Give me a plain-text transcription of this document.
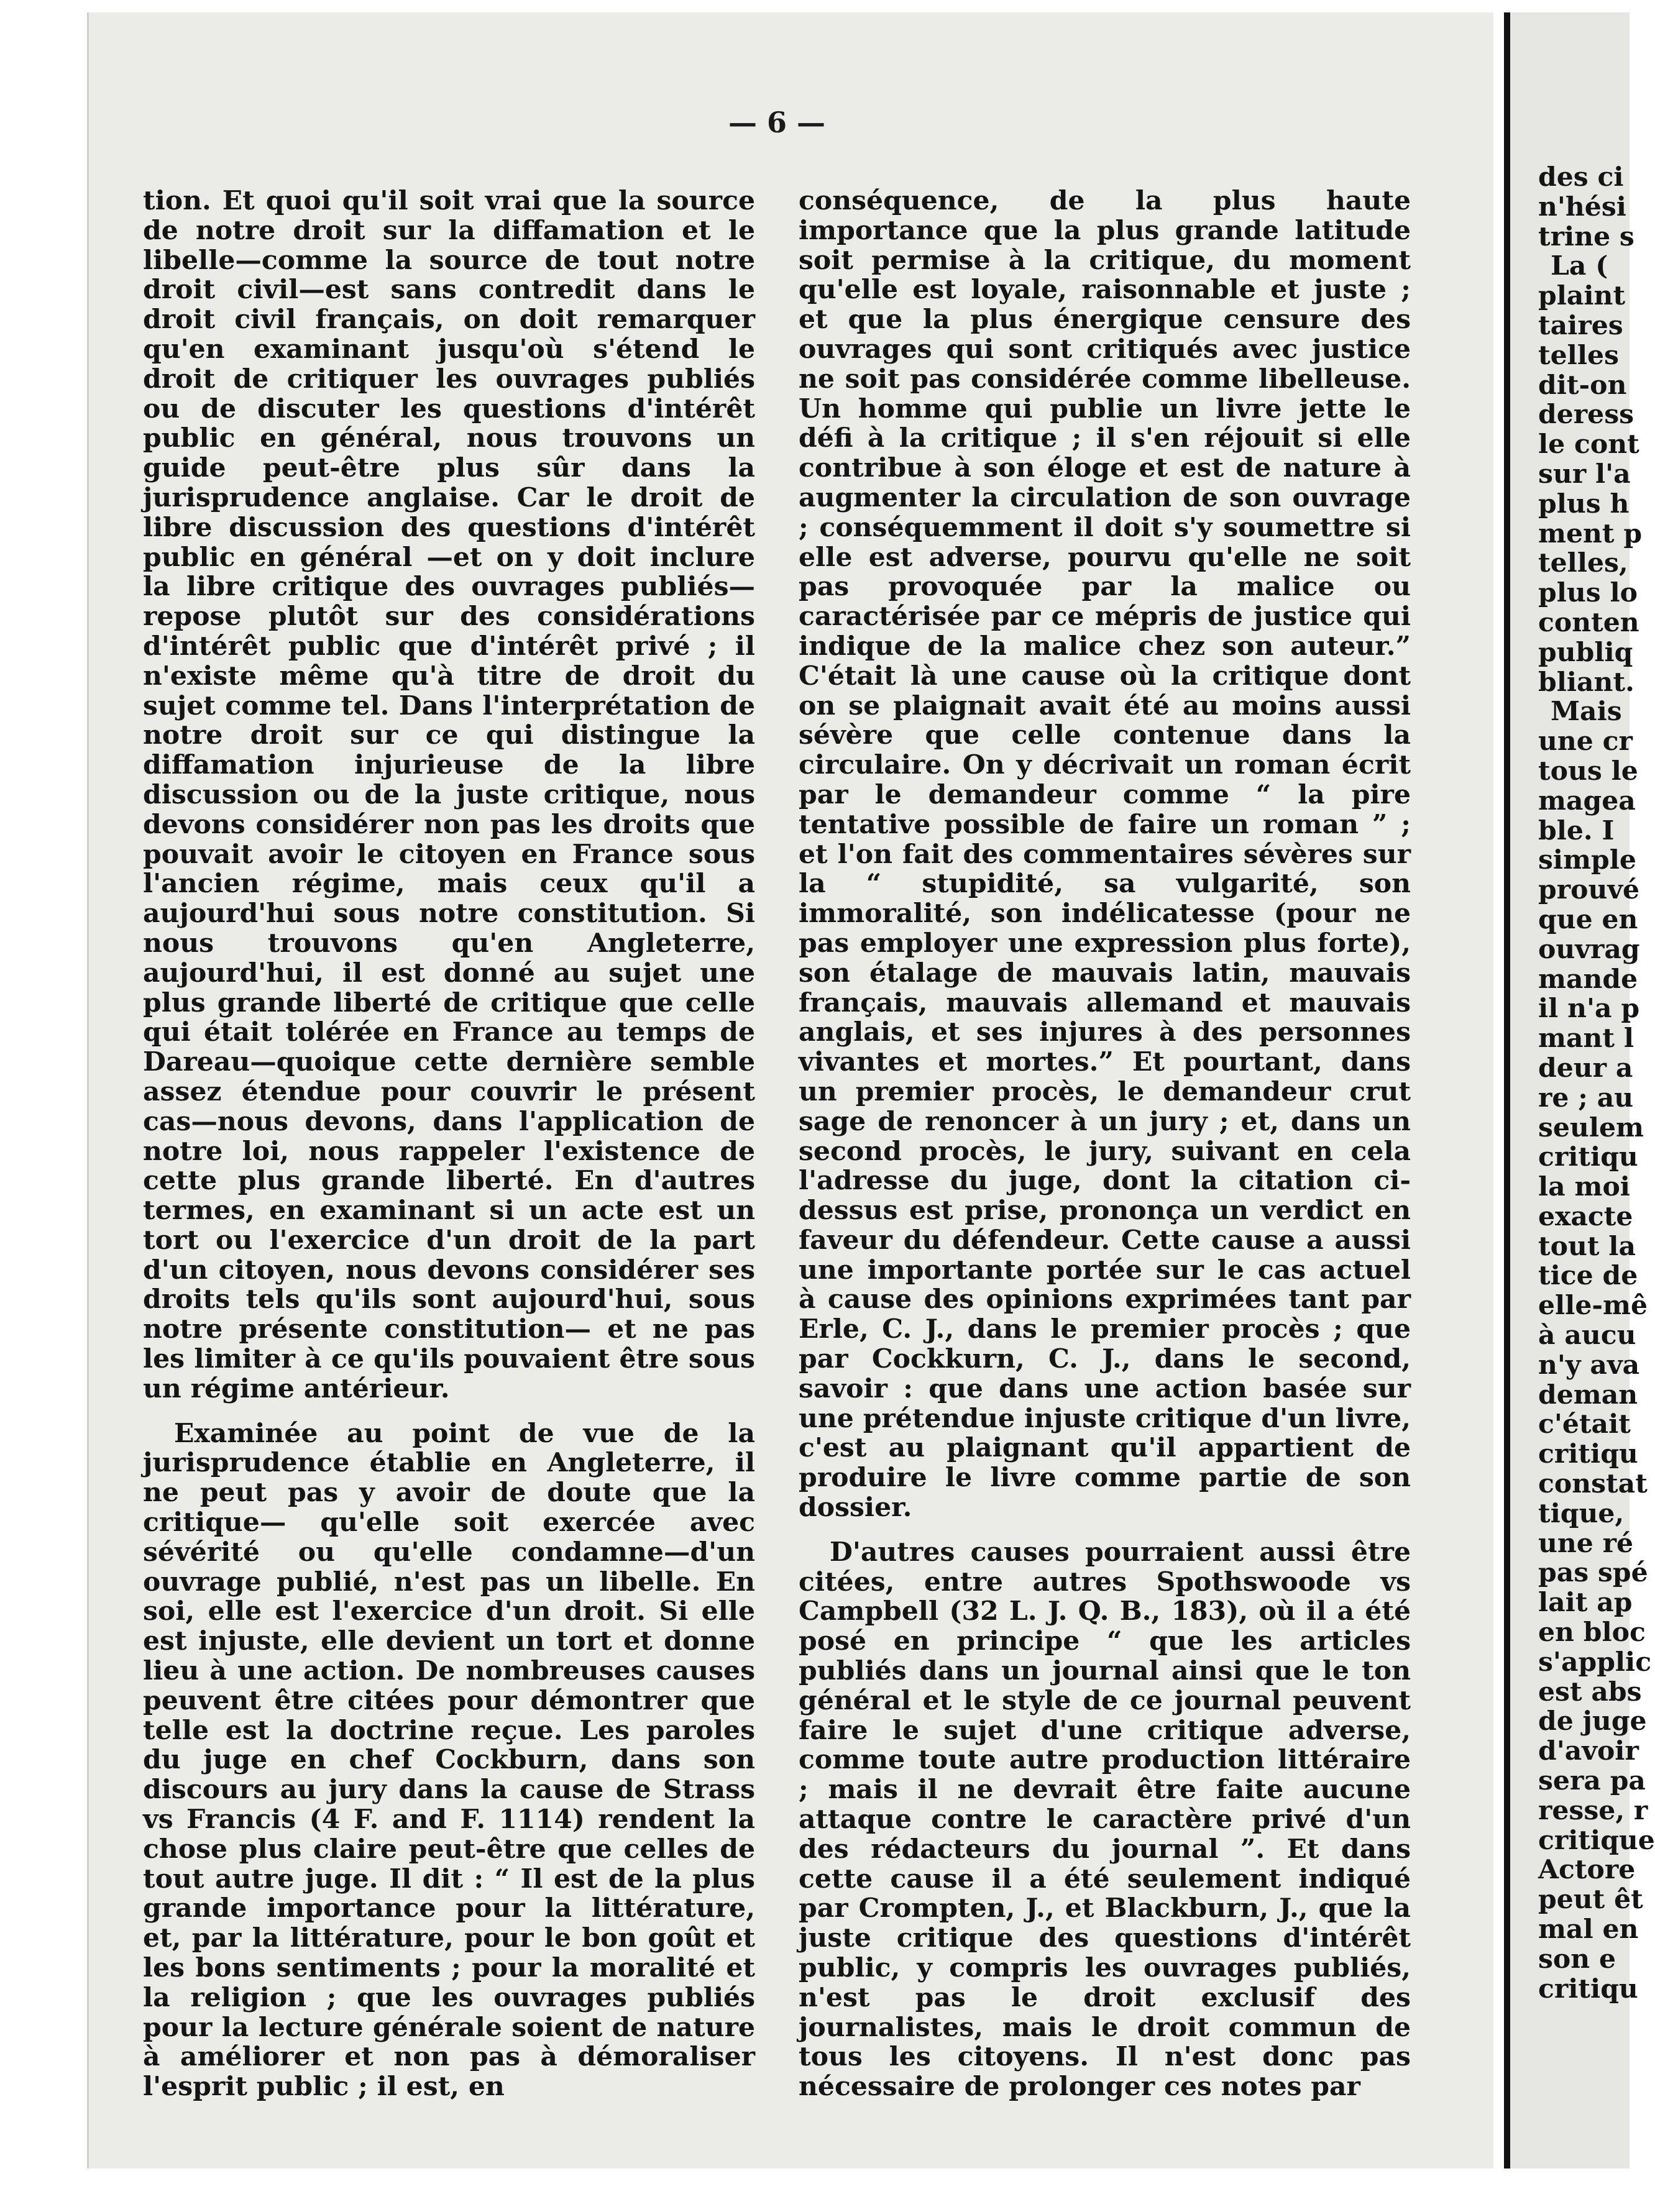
— 6 —

tion. Et quoi qu'il soit vrai que la source de notre droit sur la diffamation et le libelle—comme la source de tout notre droit civil—est sans contredit dans le droit civil français, on doit remarquer qu'en examinant jusqu'où s'étend le droit de critiquer les ouvrages publiés ou de discuter les questions d'intérêt public en général, nous trouvons un guide peut-être plus sûr dans la jurisprudence anglaise. Car le droit de libre discussion des questions d'intérêt public en général —et on y doit inclure la libre critique des ouvrages publiés—repose plutôt sur des considérations d'intérêt public que d'intérêt privé ; il n'existe même qu'à titre de droit du sujet comme tel. Dans l'interprétation de notre droit sur ce qui distingue la diffamation injurieuse de la libre discussion ou de la juste critique, nous devons considérer non pas les droits que pouvait avoir le citoyen en France sous l'ancien régime, mais ceux qu'il a aujourd'hui sous notre constitution. Si nous trouvons qu'en Angleterre, aujourd'hui, il est donné au sujet une plus grande liberté de critique que celle qui était tolérée en France au temps de Dareau—quoique cette dernière semble assez étendue pour couvrir le présent cas—nous devons, dans l'application de notre loi, nous rappeler l'existence de cette plus grande liberté. En d'autres termes, en examinant si un acte est un tort ou l'exercice d'un droit de la part d'un citoyen, nous devons considérer ses droits tels qu'ils sont aujourd'hui, sous notre présente constitution— et ne pas les limiter à ce qu'ils pouvaient être sous un régime antérieur.

Examinée au point de vue de la jurisprudence établie en Angleterre, il ne peut pas y avoir de doute que la critique— qu'elle soit exercée avec sévérité ou qu'elle condamne—d'un ouvrage publié, n'est pas un libelle. En soi, elle est l'exercice d'un droit. Si elle est injuste, elle devient un tort et donne lieu à une action. De nombreuses causes peuvent être citées pour démontrer que telle est la doctrine reçue. Les paroles du juge en chef Cockburn, dans son discours au jury dans la cause de Strass vs Francis (4 F. and F. 1114) rendent la chose plus claire peut-être que celles de tout autre juge. Il dit : “ Il est de la plus grande importance pour la littérature, et, par la littérature, pour le bon goût et les bons sentiments ; pour la moralité et la religion ; que les ouvrages publiés pour la lecture générale soient de nature à améliorer et non pas à démoraliser l'esprit public ; il est, en

conséquence, de la plus haute importance que la plus grande latitude soit permise à la critique, du moment qu'elle est loyale, raisonnable et juste ; et que la plus énergique censure des ouvrages qui sont critiqués avec justice ne soit pas considérée comme libelleuse. Un homme qui publie un livre jette le défi à la critique ; il s'en réjouit si elle contribue à son éloge et est de nature à augmenter la circulation de son ouvrage ; conséquemment il doit s'y soumettre si elle est adverse, pourvu qu'elle ne soit pas provoquée par la malice ou caractérisée par ce mépris de justice qui indique de la malice chez son auteur.” C'était là une cause où la critique dont on se plaignait avait été au moins aussi sévère que celle contenue dans la circulaire. On y décrivait un roman écrit par le demandeur comme “ la pire tentative possible de faire un roman ” ; et l'on fait des commentaires sévères sur la “ stupidité, sa vulgarité, son immoralité, son indélicatesse (pour ne pas employer une expression plus forte), son étalage de mauvais latin, mauvais français, mauvais allemand et mauvais anglais, et ses injures à des personnes vivantes et mortes.” Et pourtant, dans un premier procès, le demandeur crut sage de renoncer à un jury ; et, dans un second procès, le jury, suivant en cela l'adresse du juge, dont la citation ci-dessus est prise, prononça un verdict en faveur du défendeur. Cette cause a aussi une importante portée sur le cas actuel à cause des opinions exprimées tant par Erle, C. J., dans le premier procès ; que par Cockkurn, C. J., dans le second, savoir : que dans une action basée sur une prétendue injuste critique d'un livre, c'est au plaignant qu'il appartient de produire le livre comme partie de son dossier.

D'autres causes pourraient aussi être citées, entre autres Spothswoode vs Campbell (32 L. J. Q. B., 183), où il a été posé en principe “ que les articles publiés dans un journal ainsi que le ton général et le style de ce journal peuvent faire le sujet d'une critique adverse, comme toute autre production littéraire ; mais il ne devrait être faite aucune attaque contre le caractère privé d'un des rédacteurs du journal ”. Et dans cette cause il a été seulement indiqué par Crompten, J., et Blackburn, J., que la juste critique des questions d'intérêt public, y compris les ouvrages publiés, n'est pas le droit exclusif des journalistes, mais le droit commun de tous les citoyens. Il n'est donc pas nécessaire de prolonger ces notes par

des ci
n'hési
trine s
La (
plaint
taires
telles
dit-on
deress
le cont
sur l'a
plus h
ment p
telles,
plus lo
conten
publiq
bliant.
Mais
une cr
tous le
magea
ble. I
simple
prouvé
que en
ouvrag
mande
il n'a p
mant l
deur a
re ; au
seulem
critiqu
la moi
exacte
tout la
tice de
elle-mê
à aucu
n'y ava
deman
c'était
critiqu
constat
tique,
une ré
pas spé
lait ap
en bloc
s'applic
est abs
de juge
d'avoir
sera pa
resse, r
critique
Actore
peut êt
mal en
son e
critiqu
